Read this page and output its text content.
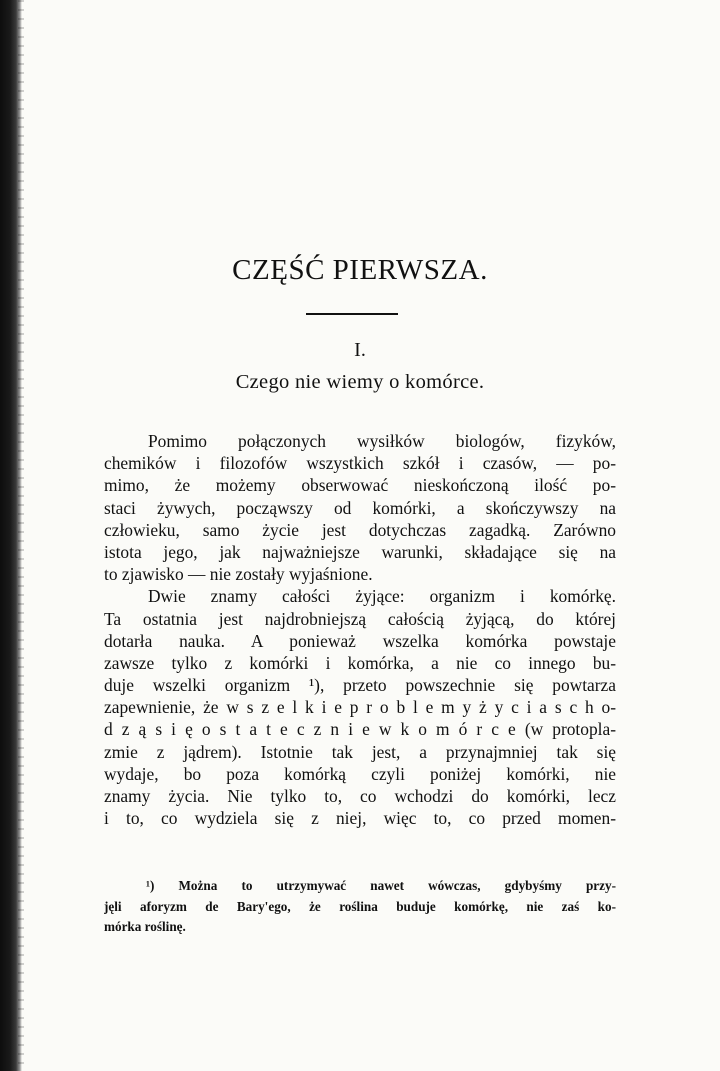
CZĘŚĆ PIERWSZA.
I.
Czego nie wiemy o komórce.
Pomimo połączonych wysiłków biologów, fizyków,
chemików i filozofów wszystkich szkół i czasów, — po-
mimo, że możemy obserwować nieskończoną ilość po-
staci żywych, począwszy od komórki, a skończywszy na
człowieku, samo życie jest dotychczas zagadką. Zarówno
istota jego, jak najważniejsze warunki, składające się na
to zjawisko — nie zostały wyjaśnione.
Dwie znamy całości żyjące: organizm i komórkę.
Ta ostatnia jest najdrobniejszą całością żyjącą, do której
dotarła nauka. A ponieważ wszelka komórka powstaje
zawsze tylko z komórki i komórka, a nie co innego bu-
duje wszelki organizm ¹), przeto powszechnie się powtarza
zapewnienie, że w s z e l k i e p r o b l e m y ż y c i a s c h o-
d z ą s i ę o s t a t e c z n i e w k o m ó r c e (w protopla-
zmie z jądrem). Istotnie tak jest, a przynajmniej tak się
wydaje, bo poza komórką czyli poniżej komórki, nie
znamy życia. Nie tylko to, co wchodzi do komórki, lecz
i to, co wydziela się z niej, więc to, co przed momen-
¹) Można to utrzymywać nawet wówczas, gdybyśmy przy-
jęli aforyzm de Bary'ego, że roślina buduje komórkę, nie zaś ko-
mórka roślinę.
